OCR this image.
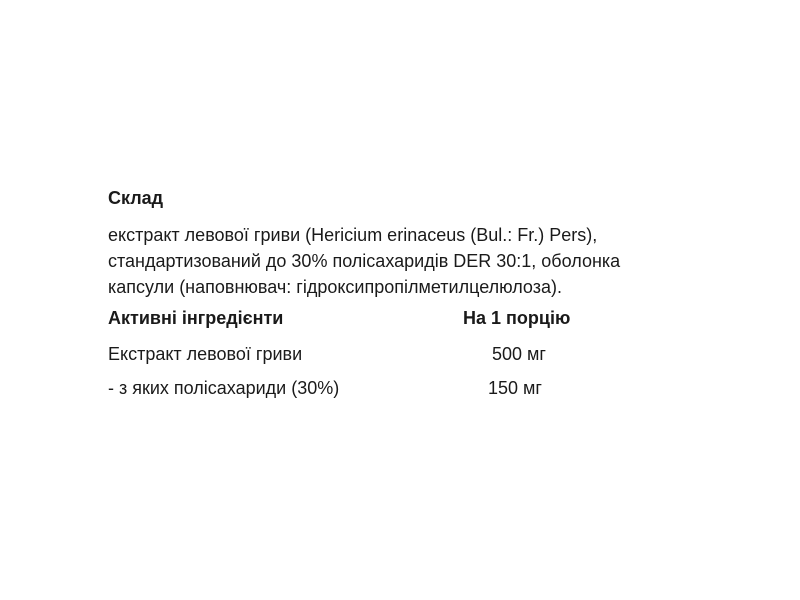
Склад
екстракт левової гриви (Hericium erinaceus (Bul.: Fr.) Pers),
стандартизований до 30% полісахаридів DER 30:1, оболонка
капсули (наповнювач: гідроксипропілметилцелюлоза).
Активні інгредієнти	На 1 порцію
Екстракт левової гриви	500 мг
- з яких полісахариди (30%)	150 мг
